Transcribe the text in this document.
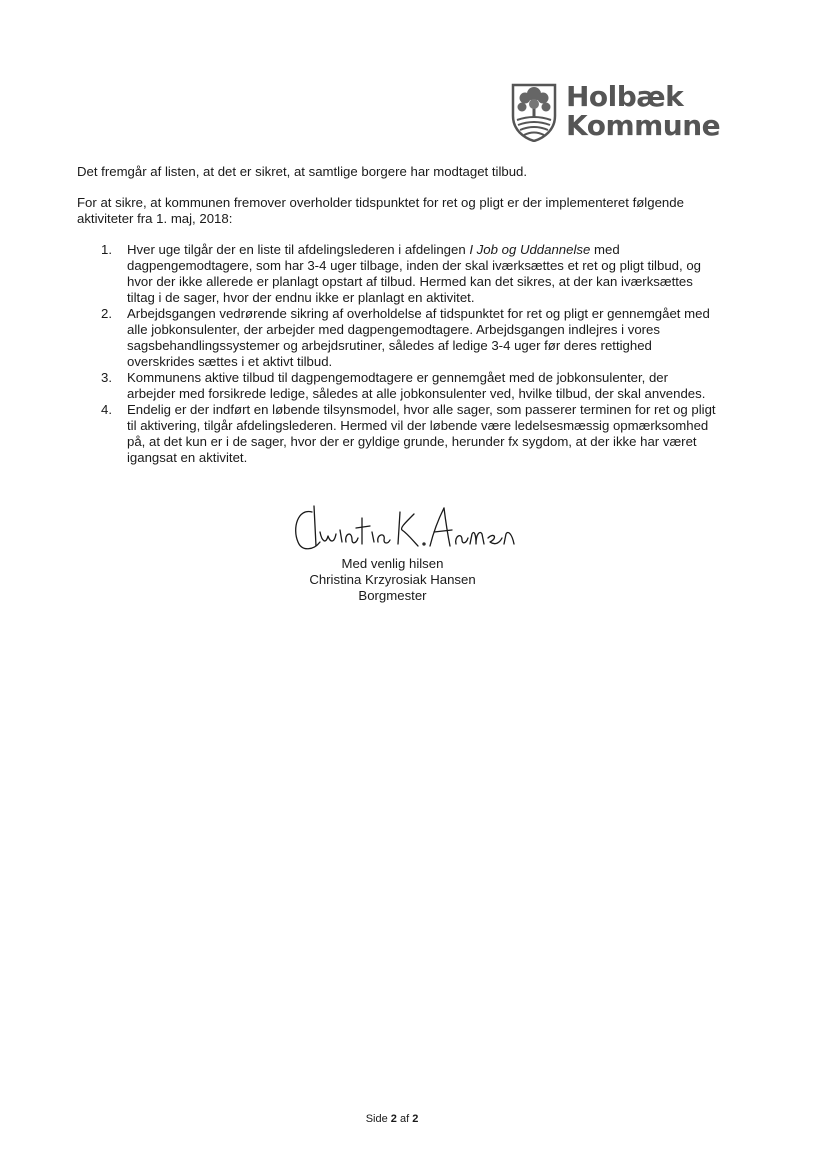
Holbæk
Kommune
Det fremgår af listen, at det er sikret, at samtlige borgere har modtaget tilbud.
For at sikre, at kommunen fremover overholder tidspunktet for ret og pligt er der implementeret følgende aktiviteter fra 1. maj, 2018:
1. Hver uge tilgår der en liste til afdelingslederen i afdelingen I Job og Uddannelse med dagpengemodtagere, som har 3-4 uger tilbage, inden der skal iværksættes et ret og pligt tilbud, og hvor der ikke allerede er planlagt opstart af tilbud. Hermed kan det sikres, at der kan iværksættes tiltag i de sager, hvor der endnu ikke er planlagt en aktivitet.
2. Arbejdsgangen vedrørende sikring af overholdelse af tidspunktet for ret og pligt er gennemgået med alle jobkonsulenter, der arbejder med dagpengemodtagere. Arbejdsgangen indlejres i vores sagsbehandlingssystemer og arbejdsrutiner, således af ledige 3-4 uger før deres rettighed overskrides sættes i et aktivt tilbud.
3. Kommunens aktive tilbud til dagpengemodtagere er gennemgået med de jobkonsulenter, der arbejder med forsikrede ledige, således at alle jobkonsulenter ved, hvilke tilbud, der skal anvendes.
4. Endelig er der indført en løbende tilsynsmodel, hvor alle sager, som passerer terminen for ret og pligt til aktivering, tilgår afdelingslederen. Hermed vil der løbende være ledelsesmæssig opmærksomhed på, at det kun er i de sager, hvor der er gyldige grunde, herunder fx sygdom, at der ikke har været igangsat en aktivitet.
Med venlig hilsen
Christina Krzyrosiak Hansen
Borgmester
Side 2 af 2
